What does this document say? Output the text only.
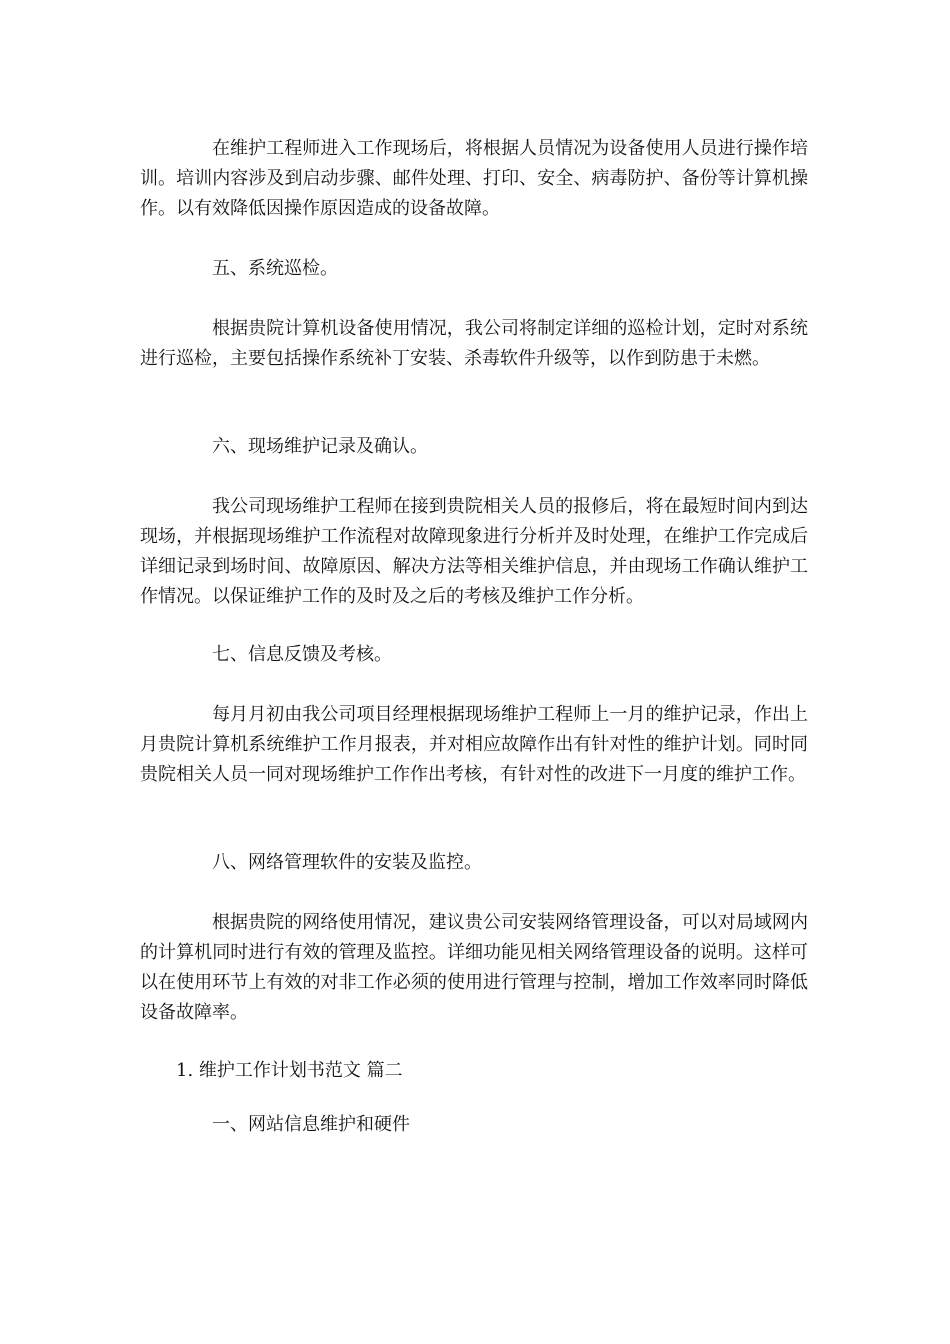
在维护工程师进入工作现场后，将根据人员情况为设备使用人员进行操作培训。培训内容涉及到启动步骤、邮件处理、打印、安全、病毒防护、备份等计算机操作。以有效降低因操作原因造成的设备故障。

五、系统巡检。

根据贵院计算机设备使用情况，我公司将制定详细的巡检计划，定时对系统进行巡检，主要包括操作系统补丁安装、杀毒软件升级等，以作到防患于未燃。

六、现场维护记录及确认。

我公司现场维护工程师在接到贵院相关人员的报修后，将在最短时间内到达现场，并根据现场维护工作流程对故障现象进行分析并及时处理，在维护工作完成后详细记录到场时间、故障原因、解决方法等相关维护信息，并由现场工作确认维护工作情况。以保证维护工作的及时及之后的考核及维护工作分析。

七、信息反馈及考核。

每月月初由我公司项目经理根据现场维护工程师上一月的维护记录，作出上月贵院计算机系统维护工作月报表，并对相应故障作出有针对性的维护计划。同时同贵院相关人员一同对现场维护工作作出考核，有针对性的改进下一月度的维护工作。

八、网络管理软件的安装及监控。

根据贵院的网络使用情况，建议贵公司安装网络管理设备，可以对局域网内的计算机同时进行有效的管理及监控。详细功能见相关网络管理设备的说明。这样可以在使用环节上有效的对非工作必须的使用进行管理与控制，增加工作效率同时降低设备故障率。

1. 维护工作计划书范文 篇二

一、网站信息维护和硬件
